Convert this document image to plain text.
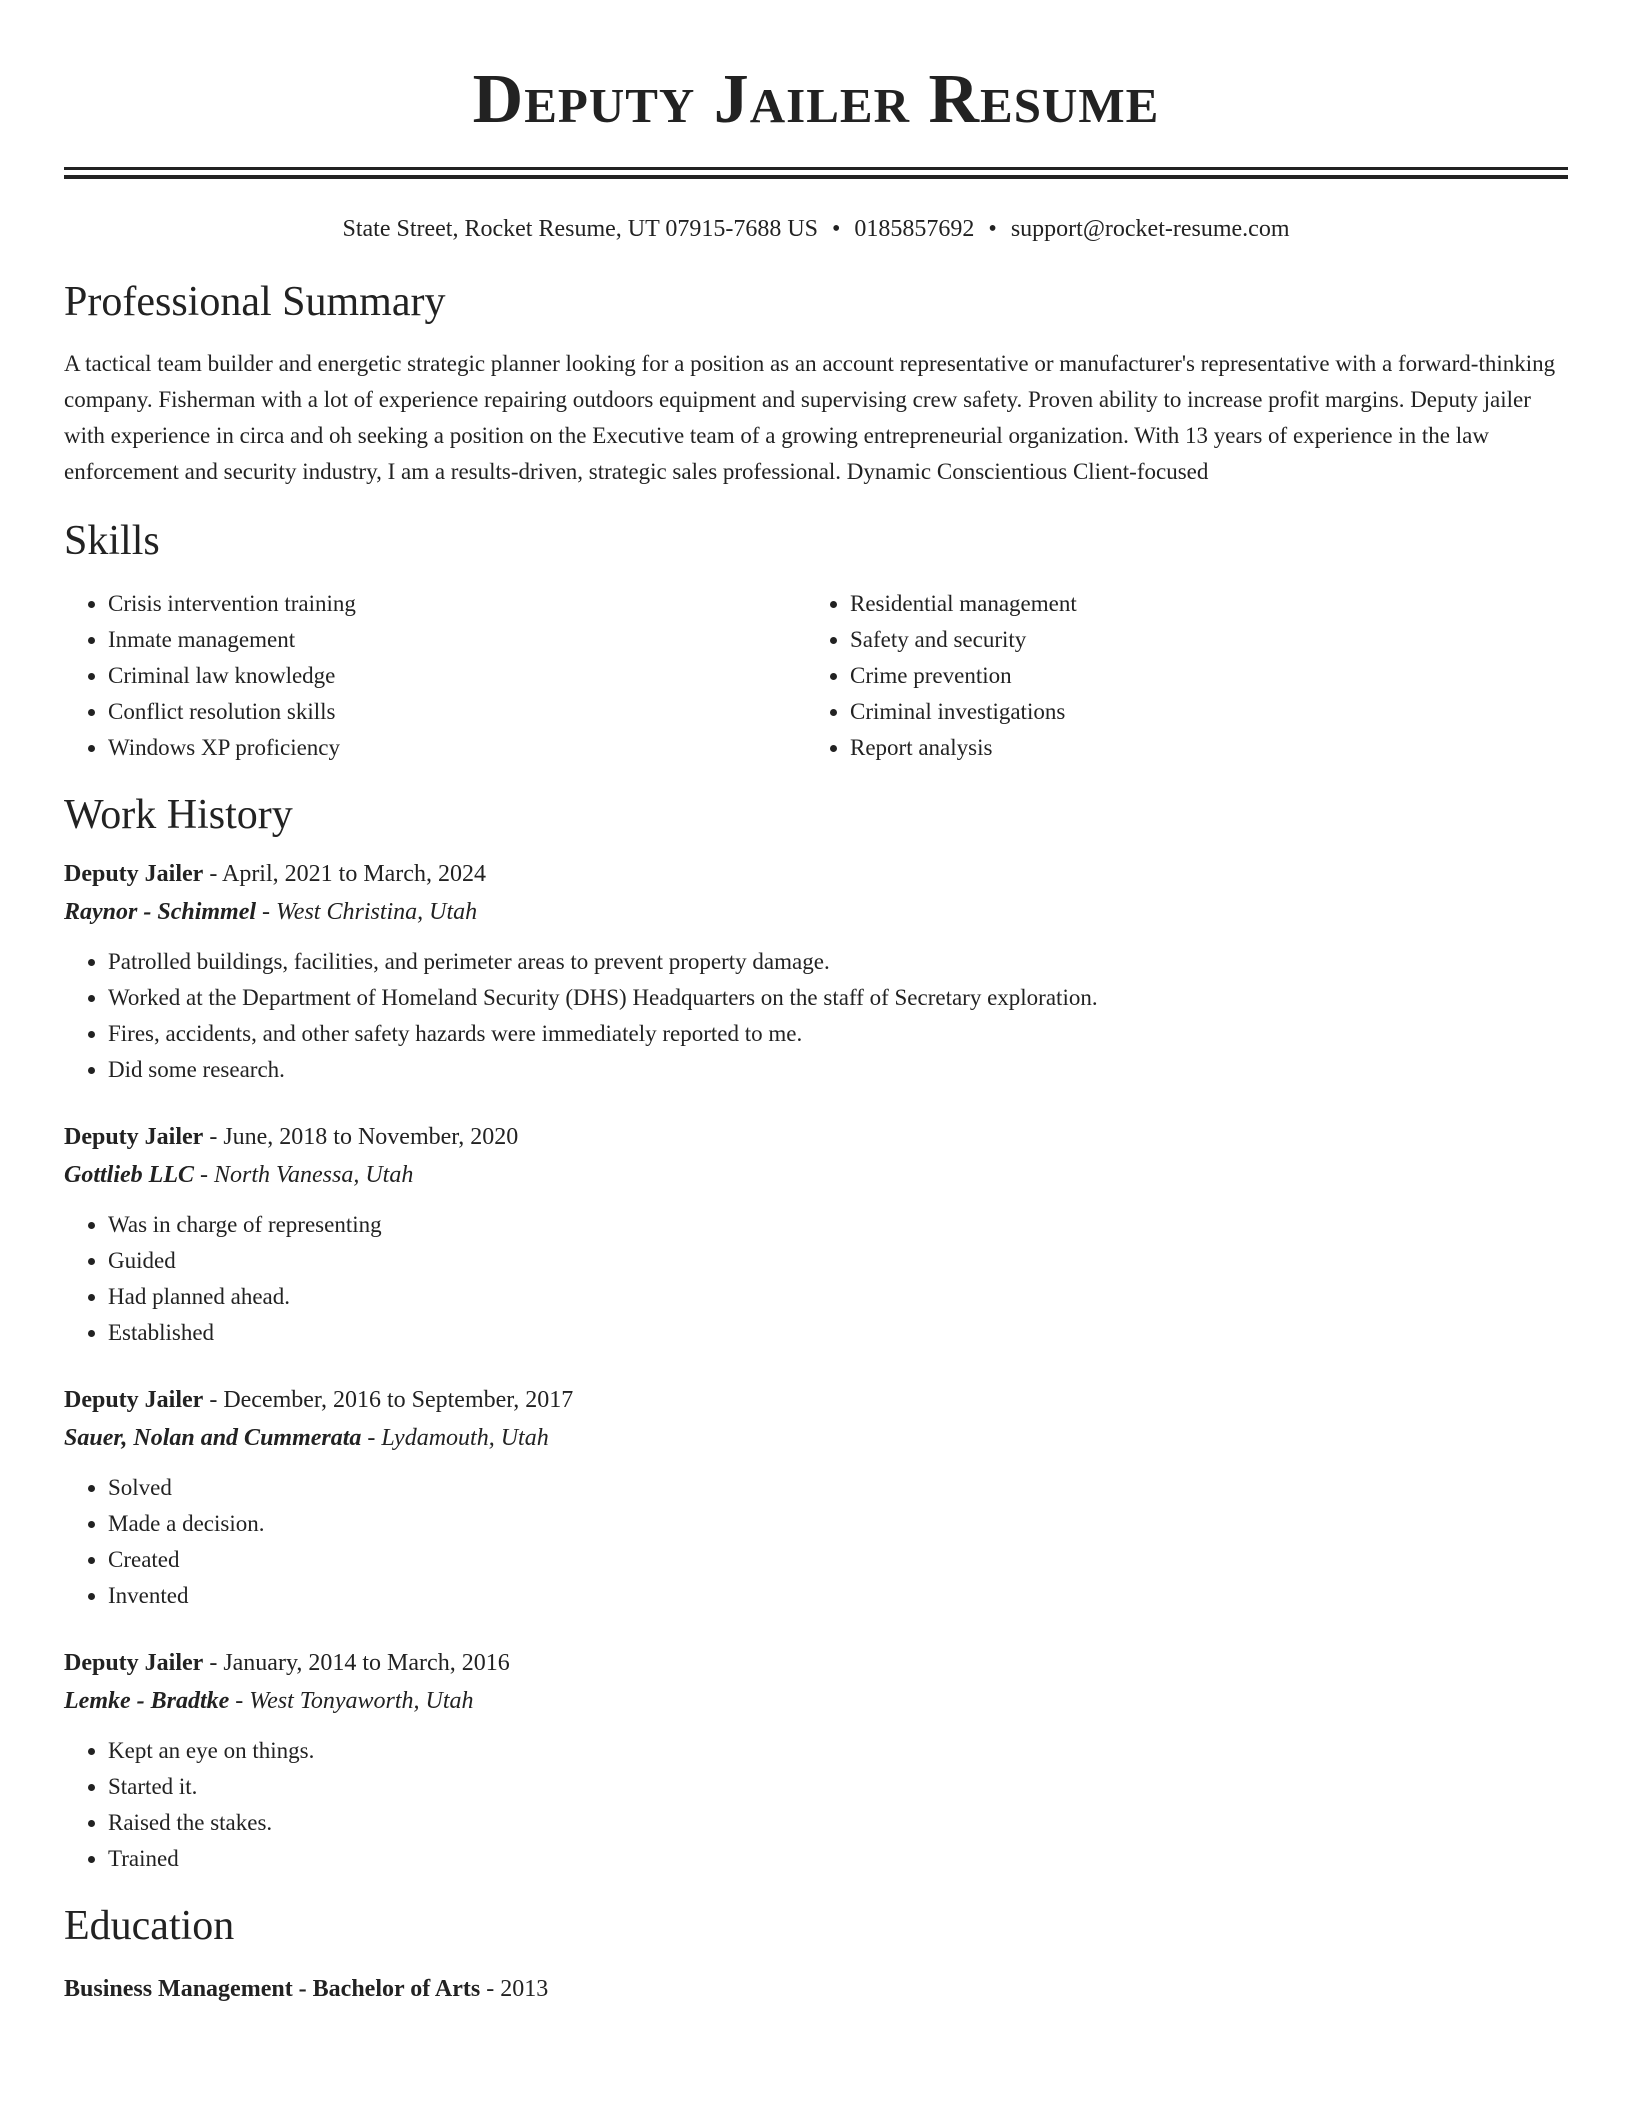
Deputy Jailer Resume
State Street, Rocket Resume, UT 07915-7688 US • 0185857692 • support@rocket-resume.com
Professional Summary

A tactical team builder and energetic strategic planner looking for a position as an account representative or manufacturer's representative with a forward-thinking company. Fisherman with a lot of experience repairing outdoors equipment and supervising crew safety. Proven ability to increase profit margins. Deputy jailer with experience in circa and oh seeking a position on the Executive team of a growing entrepreneurial organization. With 13 years of experience in the law enforcement and security industry, I am a results-driven, strategic sales professional. Dynamic Conscientious Client-focused

Skills
• Crisis intervention training
• Inmate management
• Criminal law knowledge
• Conflict resolution skills
• Windows XP proficiency
• Residential management
• Safety and security
• Crime prevention
• Criminal investigations
• Report analysis
Work History
Deputy Jailer - April, 2021 to March, 2024
Raynor - Schimmel - West Christina, Utah
• Patrolled buildings, facilities, and perimeter areas to prevent property damage.
• Worked at the Department of Homeland Security (DHS) Headquarters on the staff of Secretary exploration.
• Fires, accidents, and other safety hazards were immediately reported to me.
• Did some research.
Deputy Jailer - June, 2018 to November, 2020
Gottlieb LLC - North Vanessa, Utah
• Was in charge of representing
• Guided
• Had planned ahead.
• Established
Deputy Jailer - December, 2016 to September, 2017
Sauer, Nolan and Cummerata - Lydamouth, Utah
• Solved
• Made a decision.
• Created
• Invented
Deputy Jailer - January, 2014 to March, 2016
Lemke - Bradtke - West Tonyaworth, Utah
• Kept an eye on things.
• Started it.
• Raised the stakes.
• Trained
Education
Business Management - Bachelor of Arts - 2013
